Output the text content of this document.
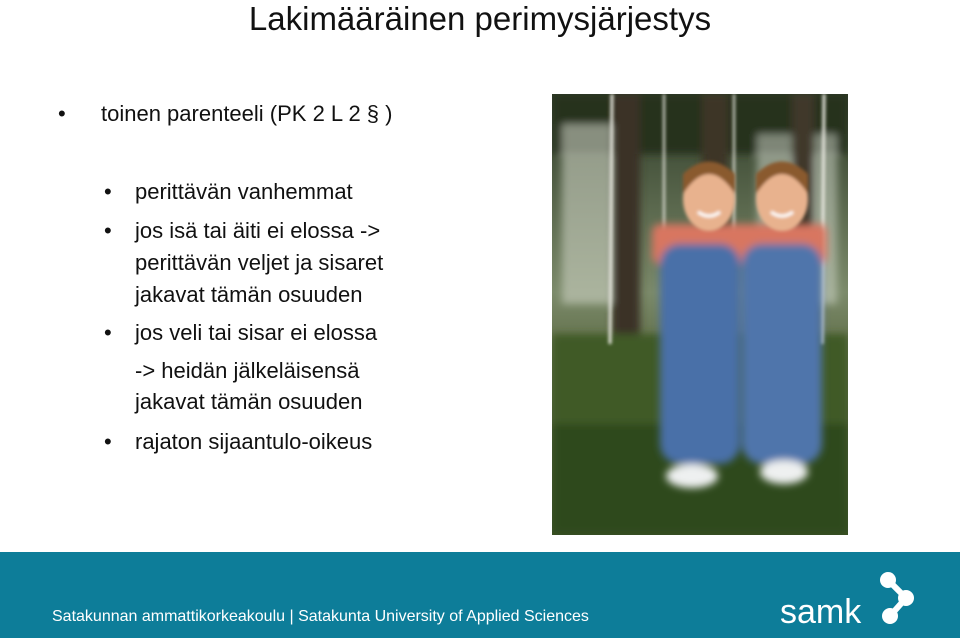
Lakimääräinen perimysjärjestys
• toinen parenteeli (PK 2 L 2 § )
• perittävän vanhemmat
• jos isä tai äiti ei elossa ->
perittävän veljet ja sisaret
jakavat tämän osuuden
• jos veli tai sisar ei elossa
-> heidän jälkeläisensä
jakavat tämän osuuden
• rajaton sijaantulo-oikeus
Satakunnan ammattikorkeakoulu | Satakunta University of Applied Sciences	samk
